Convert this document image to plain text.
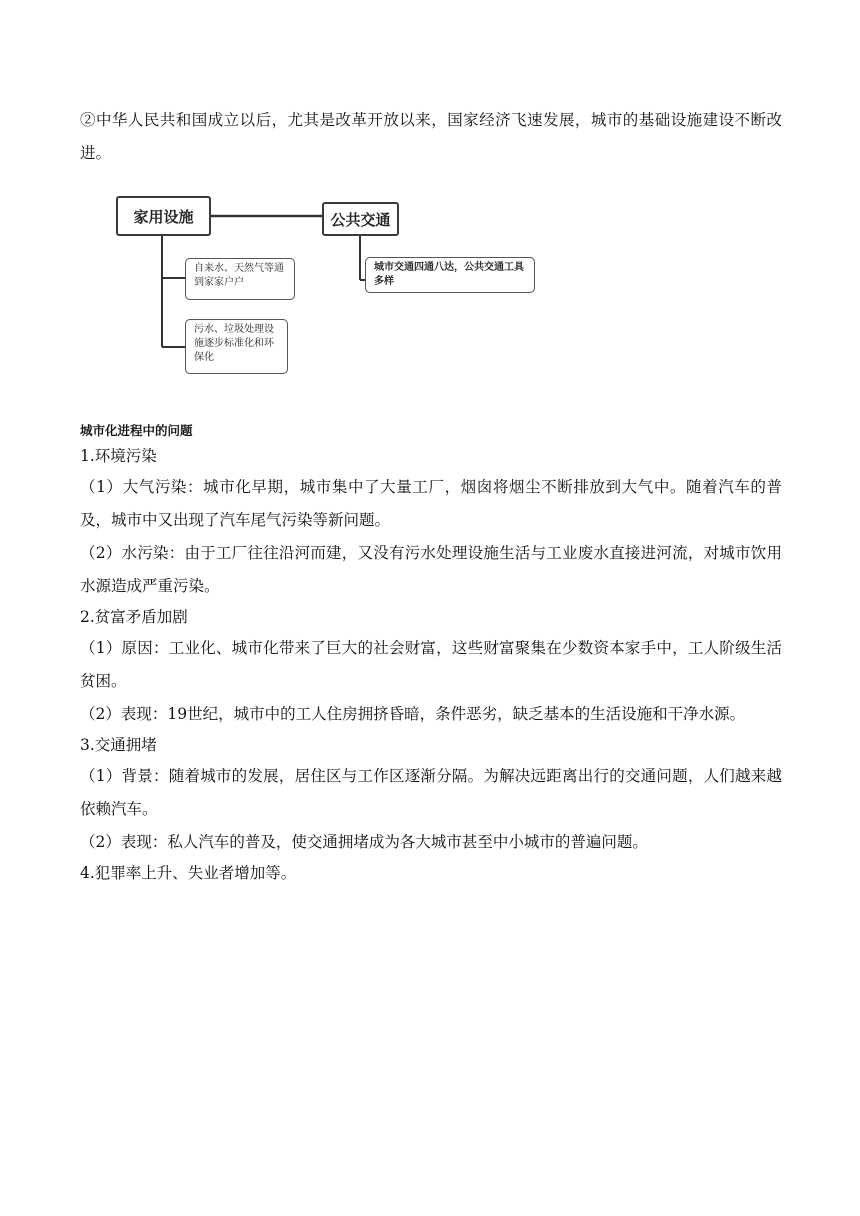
②中华人民共和国成立以后，尤其是改革开放以来，国家经济飞速发展，城市的基础设施建设不断改进。

家用设施	公共交通
自来水、天然气等通到家家户户
污水、垃圾处理设施逐步标准化和环保化
城市交通四通八达，公共交通工具多样

城市化进程中的问题

1.环境污染

（1）大气污染：城市化早期，城市集中了大量工厂，烟囱将烟尘不断排放到大气中。随着汽车的普及，城市中又出现了汽车尾气污染等新问题。

（2）水污染：由于工厂往往沿河而建，又没有污水处理设施生活与工业废水直接进河流，对城市饮用水源造成严重污染。

2.贫富矛盾加剧

（1）原因：工业化、城市化带来了巨大的社会财富，这些财富聚集在少数资本家手中，工人阶级生活贫困。

（2）表现：19世纪，城市中的工人住房拥挤昏暗，条件恶劣，缺乏基本的生活设施和干净水源。

3.交通拥堵

（1）背景：随着城市的发展，居住区与工作区逐渐分隔。为解决远距离出行的交通问题，人们越来越依赖汽车。

（2）表现：私人汽车的普及，使交通拥堵成为各大城市甚至中小城市的普遍问题。

4.犯罪率上升、失业者增加等。
